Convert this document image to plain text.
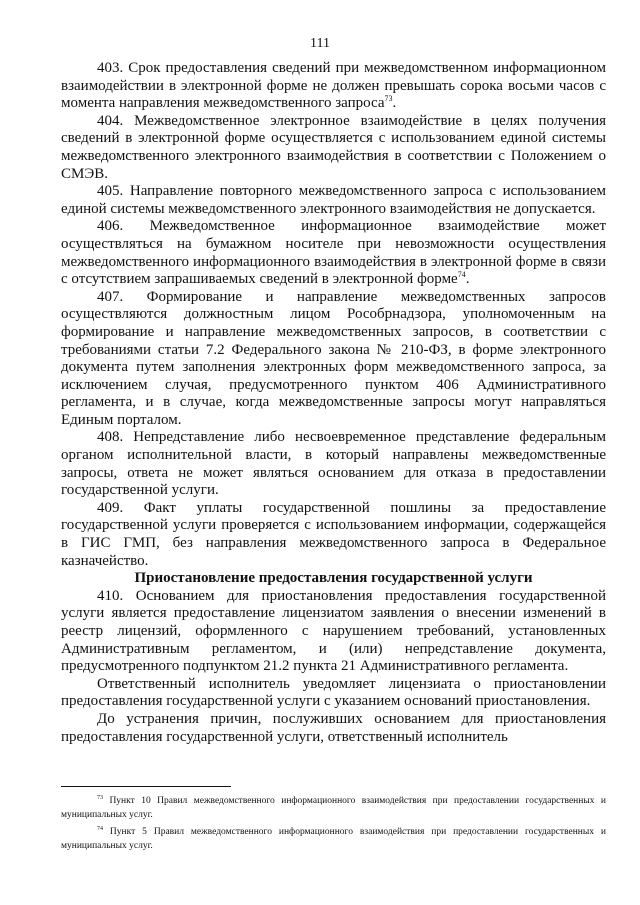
111

403. Срок предоставления сведений при межведомственном информационном взаимодействии в электронной форме не должен превышать сорока восьми часов с момента направления межведомственного запроса$^{73}$.

404. Межведомственное электронное взаимодействие в целях получения сведений в электронной форме осуществляется с использованием единой системы межведомственного электронного взаимодействия в соответствии с Положением о СМЭВ.

405. Направление повторного межведомственного запроса с использованием единой системы межведомственного электронного взаимодействия не допускается.

406. Межведомственное информационное взаимодействие может осуществляться на бумажном носителе при невозможности осуществления межведомственного информационного взаимодействия в электронной форме в связи с отсутствием запрашиваемых сведений в электронной форме$^{74}$.

407. Формирование и направление межведомственных запросов осуществляются должностным лицом Рособрнадзора, уполномоченным на формирование и направление межведомственных запросов, в соответствии с требованиями статьи 7.2 Федерального закона № 210-ФЗ, в форме электронного документа путем заполнения электронных форм межведомственного запроса, за исключением случая, предусмотренного пунктом 406 Административного регламента, и в случае, когда межведомственные запросы могут направляться Единым порталом.

408. Непредставление либо несвоевременное представление федеральным органом исполнительной власти, в который направлены межведомственные запросы, ответа не может являться основанием для отказа в предоставлении государственной услуги.

409. Факт уплаты государственной пошлины за предоставление государственной услуги проверяется с использованием информации, содержащейся в ГИС ГМП, без направления межведомственного запроса в Федеральное казначейство.

Приостановление предоставления государственной услуги

410. Основанием для приостановления предоставления государственной услуги является предоставление лицензиатом заявления о внесении изменений в реестр лицензий, оформленного с нарушением требований, установленных Административным регламентом, и (или) непредставление документа, предусмотренного подпунктом 21.2 пункта 21 Административного регламента.

Ответственный исполнитель уведомляет лицензиата о приостановлении предоставления государственной услуги с указанием оснований приостановления.

До устранения причин, послуживших основанием для приостановления предоставления государственной услуги, ответственный исполнитель

$^{73}$ Пункт 10 Правил межведомственного информационного взаимодействия при предоставлении государственных и муниципальных услуг.

$^{74}$ Пункт 5 Правил межведомственного информационного взаимодействия при предоставлении государственных и муниципальных услуг.
